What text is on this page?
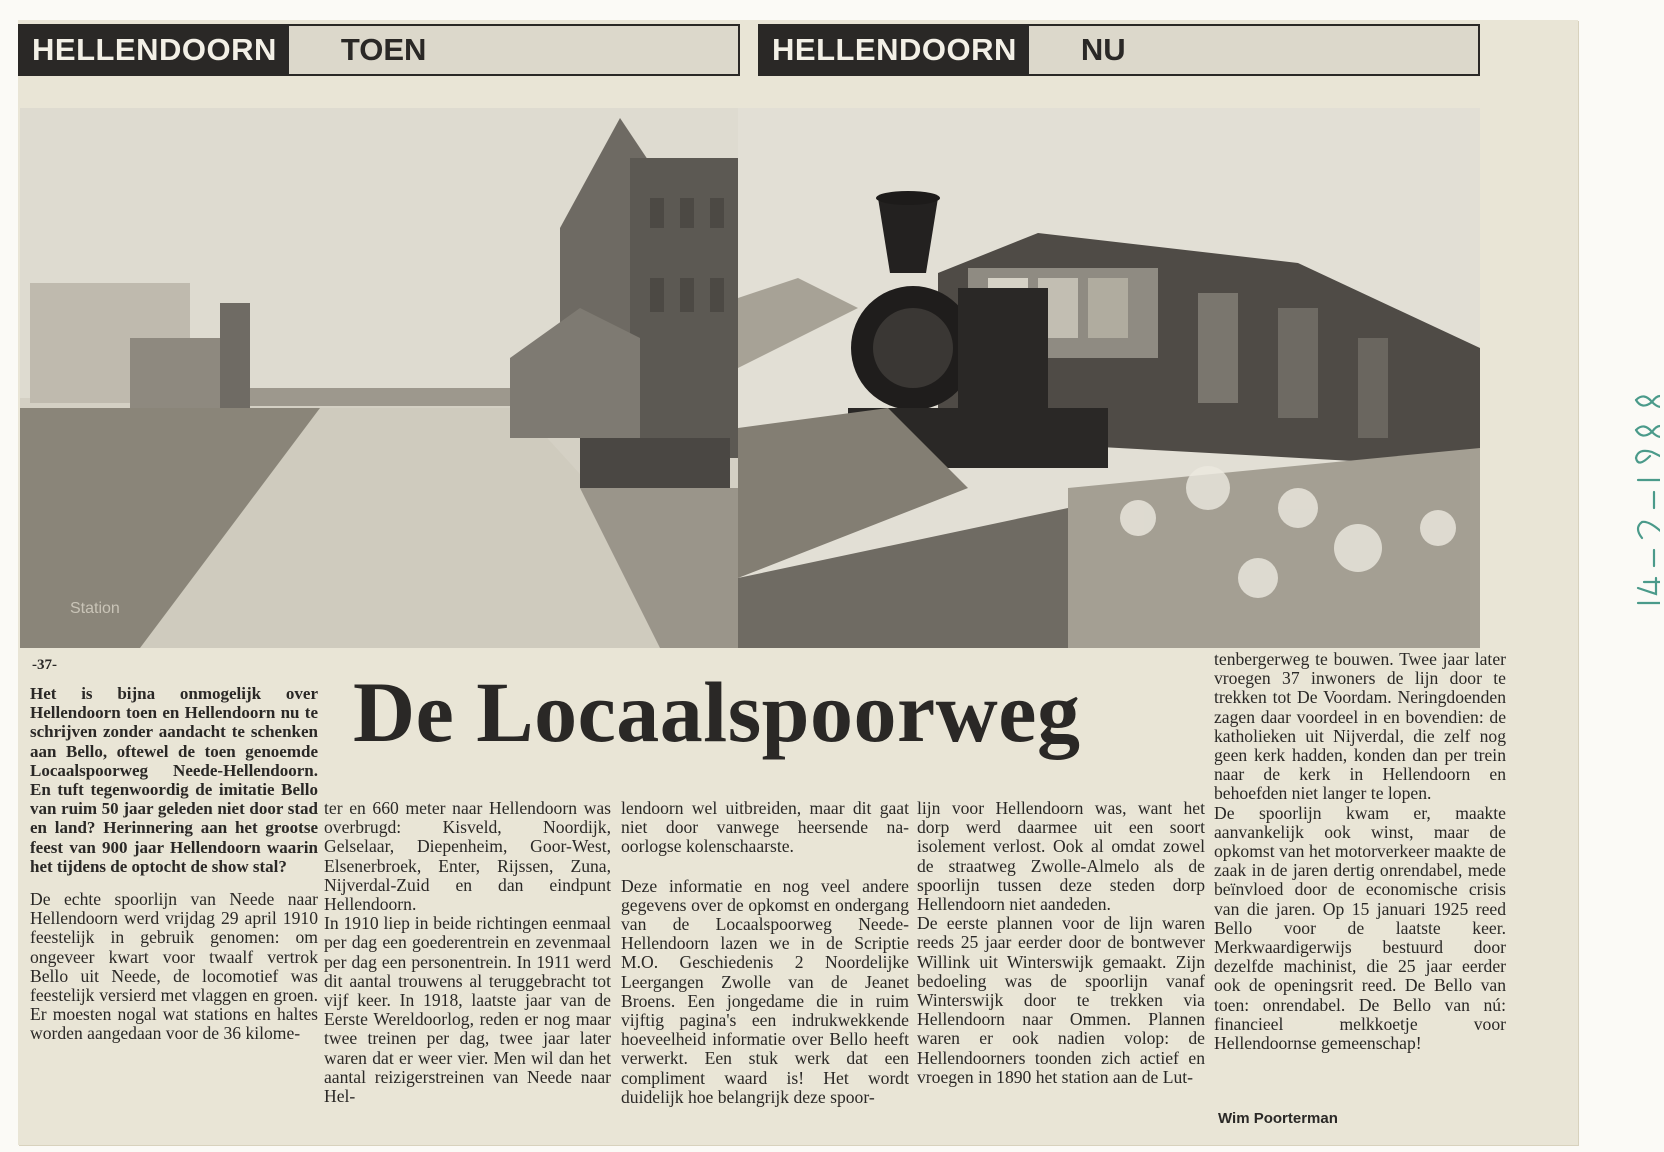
HELLENDOORN	TOEN	HELLENDOORN	NU
Station
-37-	De Locaalspoorweg

Het is bijna onmogelijk over Hellendoorn toen en Hellendoorn nu te schrijven zonder aandacht te schenken aan Bello, oftewel de toen genoemde Locaalspoorweg Neede-Hellendoorn. En tuft tegenwoordig de imitatie Bello van ruim 50 jaar geleden niet door stad en land? Herinnering aan het grootse feest van 900 jaar Hellendoorn waarin het tijdens de optocht de show stal?

De echte spoorlijn van Neede naar Hellendoorn werd vrijdag 29 april 1910 feestelijk in gebruik genomen: om ongeveer kwart voor twaalf vertrok Bello uit Neede, de locomotief was feestelijk versierd met vlaggen en groen. Er moesten nogal wat stations en haltes worden aangedaan voor de 36 kilome-

ter en 660 meter naar Hellendoorn was overbrugd: Kisveld, Noordijk, Gelselaar, Diepenheim, Goor-West, Elsenerbroek, Enter, Rijssen, Zuna, Nijverdal-Zuid en dan eindpunt Hellendoorn.

In 1910 liep in beide richtingen eenmaal per dag een goederentrein en zevenmaal per dag een personentrein. In 1911 werd dit aantal trouwens al teruggebracht tot vijf keer. In 1918, laatste jaar van de Eerste Wereldoorlog, reden er nog maar twee treinen per dag, twee jaar later waren dat er weer vier. Men wil dan het aantal reizigerstreinen van Neede naar Hel-

lendoorn wel uitbreiden, maar dit gaat niet door vanwege heersende na-oorlogse kolenschaarste.

Deze informatie en nog veel andere gegevens over de opkomst en ondergang van de Locaalspoorweg Neede-Hellendoorn lazen we in de Scriptie M.O. Geschiedenis 2 Noordelijke Leergangen Zwolle van de Jeanet Broens. Een jongedame die in ruim vijftig pagina's een indrukwekkende hoeveelheid informatie over Bello heeft verwerkt. Een stuk werk dat een compliment waard is! Het wordt duidelijk hoe belangrijk deze spoor-

lijn voor Hellendoorn was, want het dorp werd daarmee uit een soort isolement verlost. Ook al omdat zowel de straatweg Zwolle-Almelo als de spoorlijn tussen deze steden dorp Hellendoorn niet aandeden.

De eerste plannen voor de lijn waren reeds 25 jaar eerder door de bontwever Willink uit Winterswijk gemaakt. Zijn bedoeling was de spoorlijn vanaf Winterswijk door te trekken via Hellendoorn naar Ommen. Plannen waren er ook nadien volop: de Hellendoorners toonden zich actief en vroegen in 1890 het station aan de Lut-

tenbergerweg te bouwen. Twee jaar later vroegen 37 inwoners de lijn door te trekken tot De Voordam. Neringdoenden zagen daar voordeel in en bovendien: de katholieken uit Nijverdal, die zelf nog geen kerk hadden, konden dan per trein naar de kerk in Hellendoorn en behoefden niet langer te lopen.

De spoorlijn kwam er, maakte aanvankelijk ook winst, maar de opkomst van het motorverkeer maakte de zaak in de jaren dertig onrendabel, mede beïnvloed door de economische crisis van die jaren. Op 15 januari 1925 reed Bello voor de laatste keer. Merkwaardigerwijs bestuurd door dezelfde machinist, die 25 jaar eerder ook de openingsrit reed. De Bello van toen: onrendabel. De Bello van nú: financieel melkkoetje voor Hellendoornse gemeenschap!

Wim Poorterman
